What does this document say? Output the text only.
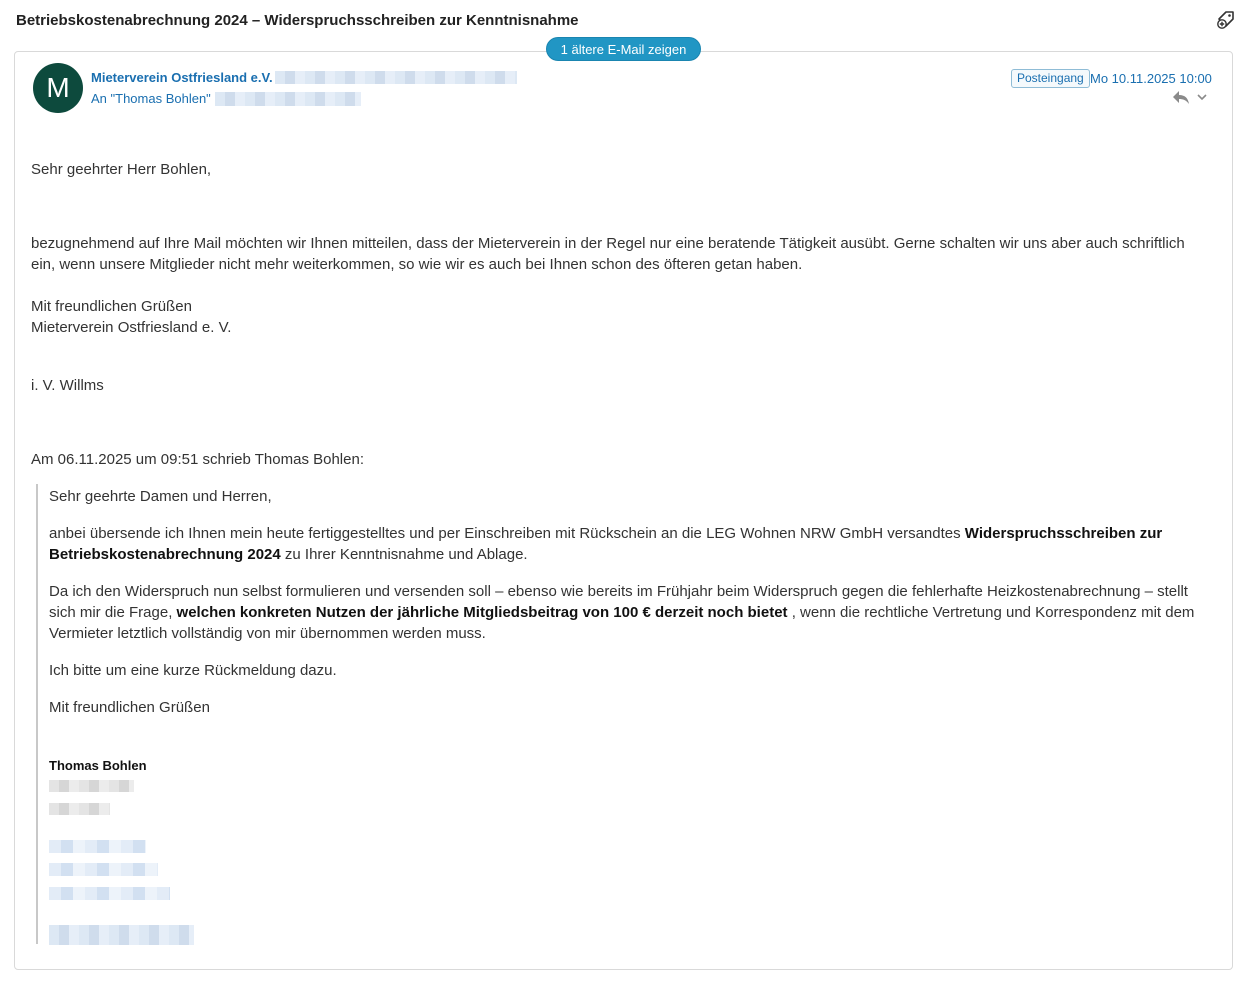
Betriebskostenabrechnung 2024 – Widerspruchsschreiben zur Kenntnisnahme
1 ältere E-Mail zeigen
M	Mieterverein Ostfriesland e.V.
An "Thomas Bohlen"
Posteingang Mo 10.11.2025 10:00
Sehr geehrter Herr Bohlen,
bezugnehmend auf Ihre Mail möchten wir Ihnen mitteilen, dass der Mieterverein in der Regel nur eine beratende Tätigkeit ausübt. Gerne schalten wir uns aber auch schriftlich ein, wenn unsere Mitglieder nicht mehr weiterkommen, so wie wir es auch bei Ihnen schon des öfteren getan haben.
Mit freundlichen Grüßen
Mieterverein Ostfriesland e. V.
i. V. Willms
Am 06.11.2025 um 09:51 schrieb Thomas Bohlen:
Sehr geehrte Damen und Herren,
anbei übersende ich Ihnen mein heute fertiggestelltes und per Einschreiben mit Rückschein an die LEG Wohnen NRW GmbH versandtes Widerspruchsschreiben zur Betriebskostenabrechnung 2024 zu Ihrer Kenntnisnahme und Ablage.
Da ich den Widerspruch nun selbst formulieren und versenden soll – ebenso wie bereits im Frühjahr beim Widerspruch gegen die fehlerhafte Heizkostenabrechnung – stellt sich mir die Frage, welchen konkreten Nutzen der jährliche Mitgliedsbeitrag von 100 € derzeit noch bietet , wenn die rechtliche Vertretung und Korrespondenz mit dem Vermieter letztlich vollständig von mir übernommen werden muss.
Ich bitte um eine kurze Rückmeldung dazu.
Mit freundlichen Grüßen
Thomas Bohlen
